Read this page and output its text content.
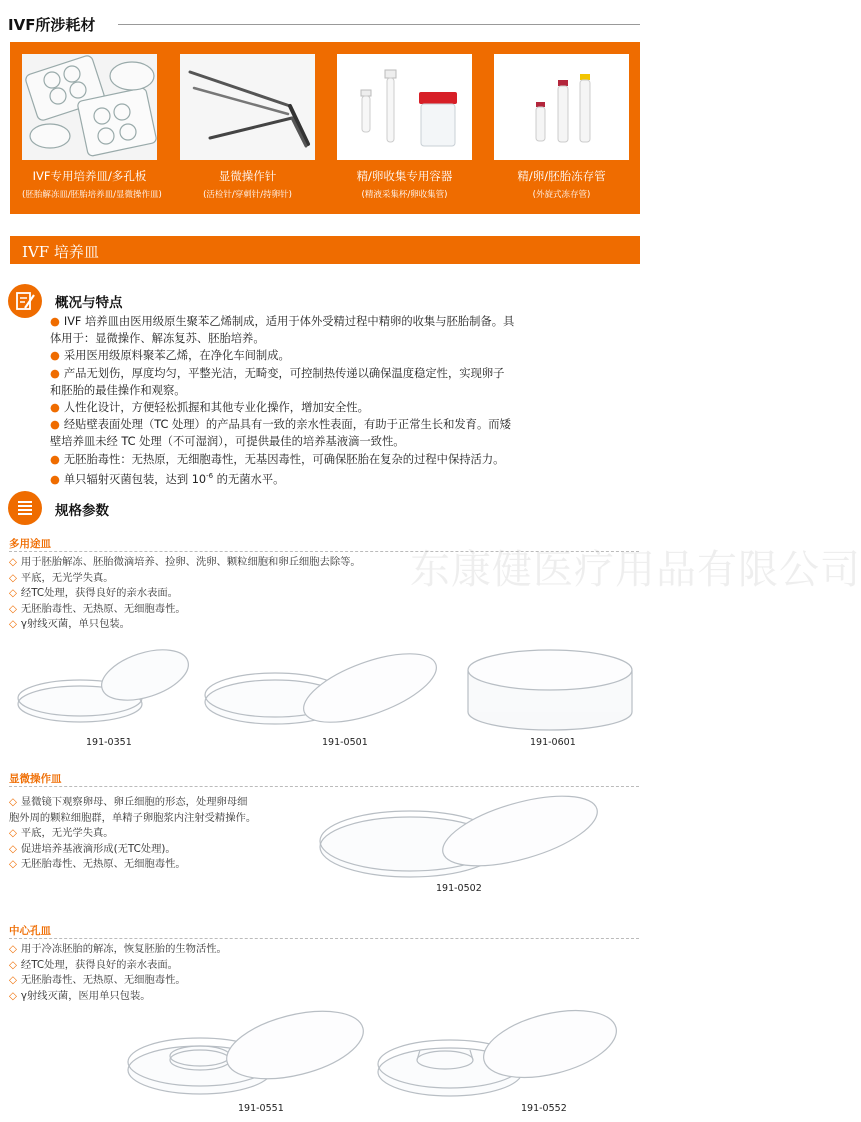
IVF所涉耗材
IVF专用培养皿/多孔板
(胚胎解冻皿/胚胎培养皿/显微操作皿)
显微操作针
(活检针/穿刺针/持卵针)
精/卵收集专用容器
(精液采集杯/卵收集管)
精/卵/胚胎冻存管
(外旋式冻存管)
IVF 培养皿
概况与特点
● IVF 培养皿由医用级原生聚苯乙烯制成，适用于体外受精过程中精卵的收集与胚胎制备。具
体用于：显微操作、解冻复苏、胚胎培养。
● 采用医用级原料聚苯乙烯，在净化车间制成。
● 产品无划伤，厚度均匀，平整光洁，无畸变，可控制热传递以确保温度稳定性，实现卵子
和胚胎的最佳操作和观察。
● 人性化设计，方便轻松抓握和其他专业化操作，增加安全性。
● 经贴壁表面处理（TC 处理）的产品具有一致的亲水性表面，有助于正常生长和发育。而矮
壁培养皿未经 TC 处理（不可湿润），可提供最佳的培养基液滴一致性。
● 无胚胎毒性：无热原，无细胞毒性，无基因毒性，可确保胚胎在复杂的过程中保持活力。
● 单只辐射灭菌包装，达到 $10^{-6}$ 的无菌水平。
规格参数
东康健医疗用品有限公司
多用途皿
◇ 用于胚胎解冻、胚胎微滴培养、捡卵、洗卵、颗粒细胞和卵丘细胞去除等。
◇ 平底，无光学失真。
◇ 经TC处理，获得良好的亲水表面。
◇ 无胚胎毒性、无热原、无细胞毒性。
◇ γ射线灭菌，单只包装。
191-0351	191-0501	191-0601
显微操作皿
◇ 显微镜下观察卵母、卵丘细胞的形态，处理卵母细
胞外周的颗粒细胞群，单精子卵胞浆内注射受精操作。
◇ 平底，无光学失真。
◇ 促进培养基液滴形成(无TC处理)。
◇ 无胚胎毒性、无热原、无细胞毒性。
191-0502
中心孔皿
◇ 用于冷冻胚胎的解冻，恢复胚胎的生物活性。
◇ 经TC处理，获得良好的亲水表面。
◇ 无胚胎毒性、无热原、无细胞毒性。
◇ γ射线灭菌，医用单只包装。
191-0551	191-0552
